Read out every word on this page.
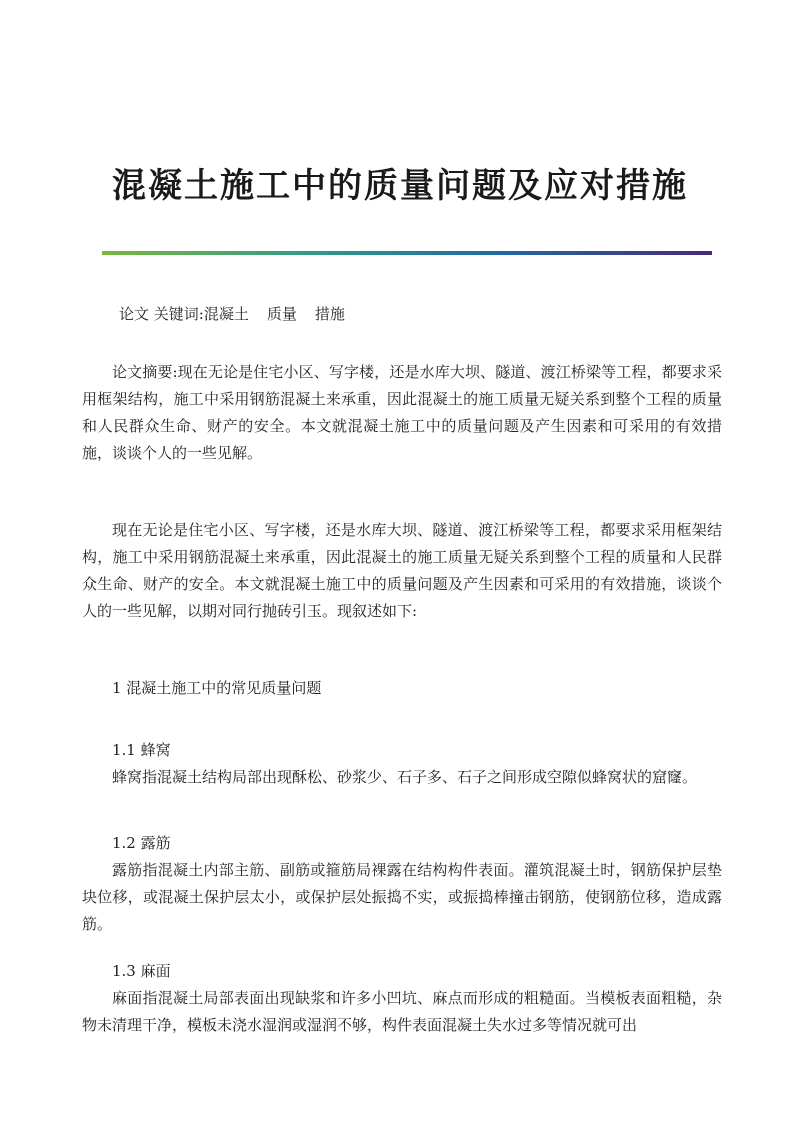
混凝土施工中的质量问题及应对措施
论文 关键词:混凝土 质量 措施

论文摘要:现在无论是住宅小区、写字楼，还是水库大坝、隧道、渡江桥梁等工程，都要求采用框架结构，施工中采用钢筋混凝土来承重，因此混凝土的施工质量无疑关系到整个工程的质量和人民群众生命、财产的安全。本文就混凝土施工中的质量问题及产生因素和可采用的有效措施，谈谈个人的一些见解。

现在无论是住宅小区、写字楼，还是水库大坝、隧道、渡江桥梁等工程，都要求采用框架结构，施工中采用钢筋混凝土来承重，因此混凝土的施工质量无疑关系到整个工程的质量和人民群众生命、财产的安全。本文就混凝土施工中的质量问题及产生因素和可采用的有效措施，谈谈个人的一些见解，以期对同行抛砖引玉。现叙述如下:

1 混凝土施工中的常见质量问题

1.1 蜂窝

蜂窝指混凝土结构局部出现酥松、砂浆少、石子多、石子之间形成空隙似蜂窝状的窟窿。

1.2 露筋

露筋指混凝土内部主筋、副筋或箍筋局裸露在结构构件表面。灌筑混凝土时，钢筋保护层垫块位移，或混凝土保护层太小，或保护层处振捣不实，或振捣棒撞击钢筋，使钢筋位移，造成露筋。

1.3 麻面

麻面指混凝土局部表面出现缺浆和许多小凹坑、麻点而形成的粗糙面。当模板表面粗糙，杂物未清理干净，模板未浇水湿润或湿润不够，构件表面混凝土失水过多等情况就可出
